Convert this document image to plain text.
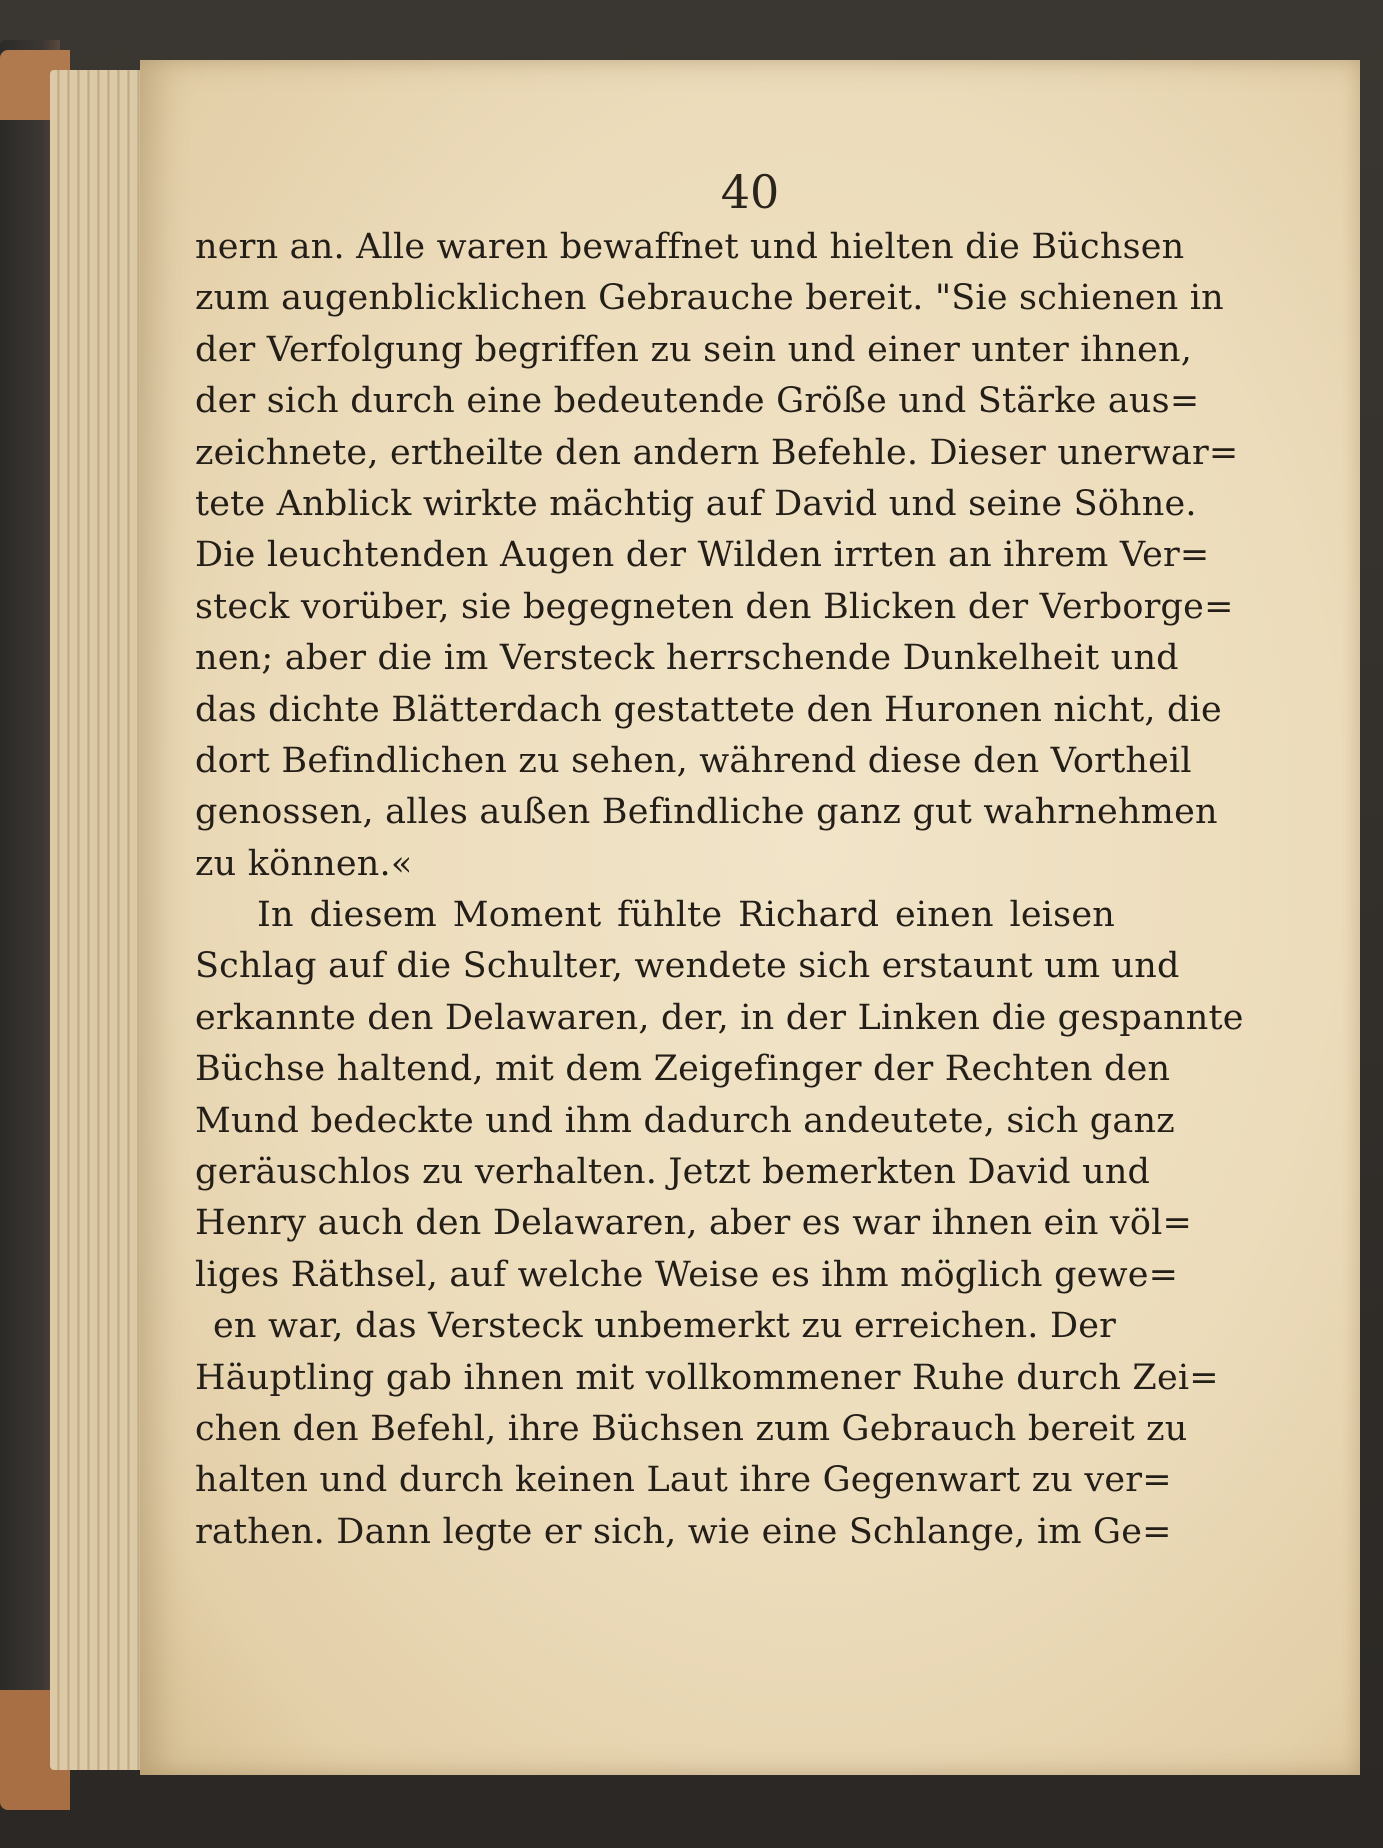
40
nern an. Alle waren bewaffnet und hielten die Büchsen
zum augenblicklichen Gebrauche bereit. "Sie schienen in
der Verfolgung begriffen zu sein und einer unter ihnen,
der sich durch eine bedeutende Größe und Stärke aus=
zeichnete, ertheilte den andern Befehle. Dieser unerwar=
tete Anblick wirkte mächtig auf David und seine Söhne.
Die leuchtenden Augen der Wilden irrten an ihrem Ver=
steck vorüber, sie begegneten den Blicken der Verborge=
nen; aber die im Versteck herrschende Dunkelheit und
das dichte Blätterdach gestattete den Huronen nicht, die
dort Befindlichen zu sehen, während diese den Vortheil
genossen, alles außen Befindliche ganz gut wahrnehmen
zu können.«
In diesem Moment fühlte Richard einen leisen
Schlag auf die Schulter, wendete sich erstaunt um und
erkannte den Delawaren, der, in der Linken die gespannte
Büchse haltend, mit dem Zeigefinger der Rechten den
Mund bedeckte und ihm dadurch andeutete, sich ganz
geräuschlos zu verhalten. Jetzt bemerkten David und
Henry auch den Delawaren, aber es war ihnen ein völ=
liges Räthsel, auf welche Weise es ihm möglich gewe=
en war, das Versteck unbemerkt zu erreichen. Der
Häuptling gab ihnen mit vollkommener Ruhe durch Zei=
chen den Befehl, ihre Büchsen zum Gebrauch bereit zu
halten und durch keinen Laut ihre Gegenwart zu ver=
rathen. Dann legte er sich, wie eine Schlange, im Ge=
